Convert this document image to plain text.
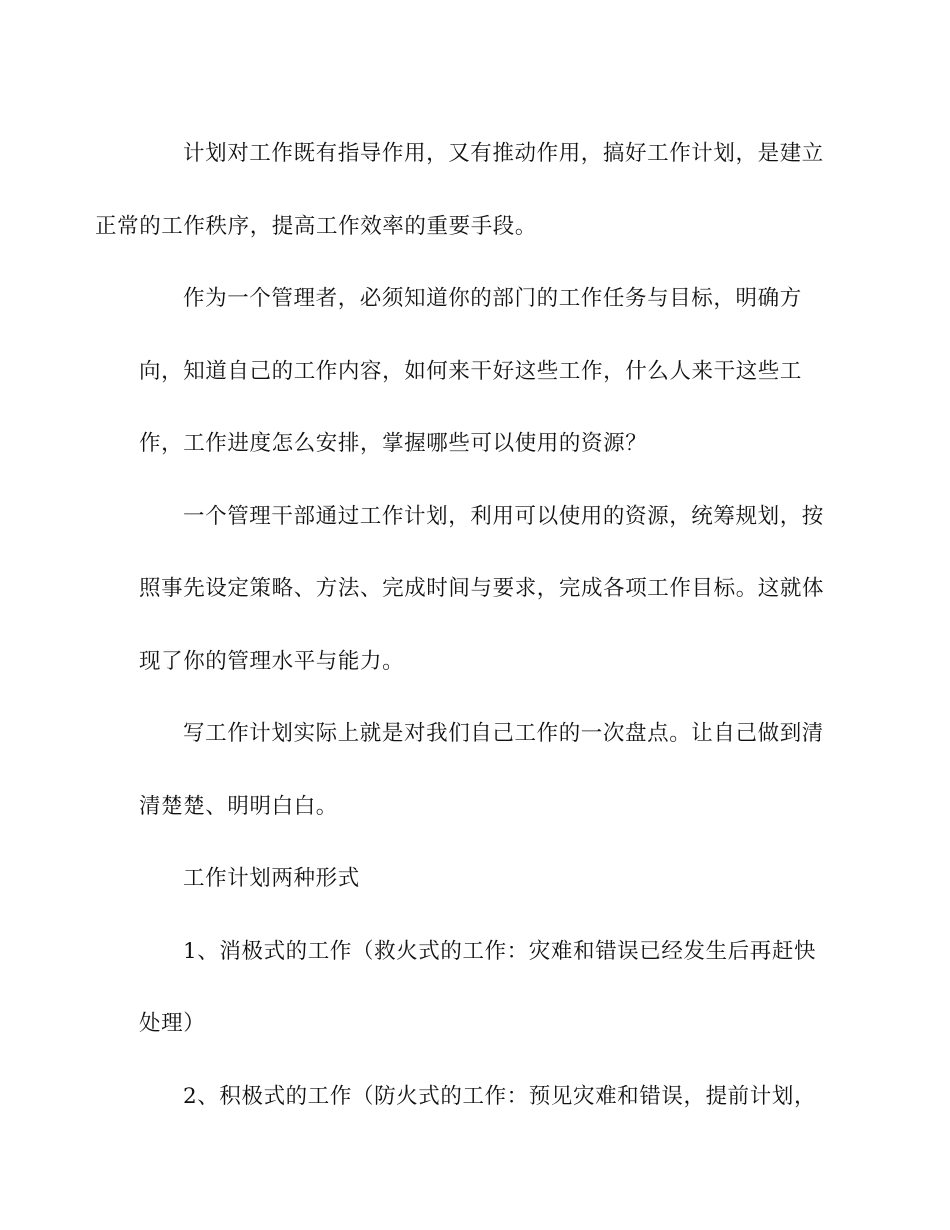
计划对工作既有指导作用，又有推动作用，搞好工作计划，是建立
正常的工作秩序，提高工作效率的重要手段。

作为一个管理者，必须知道你的部门的工作任务与目标，明确方
向，知道自己的工作内容，如何来干好这些工作，什么人来干这些工
作，工作进度怎么安排，掌握哪些可以使用的资源？

一个管理干部通过工作计划，利用可以使用的资源，统筹规划，按
照事先设定策略、方法、完成时间与要求，完成各项工作目标。这就体
现了你的管理水平与能力。

写工作计划实际上就是对我们自己工作的一次盘点。让自己做到清
清楚楚、明明白白。

工作计划两种形式

1、消极式的工作（救火式的工作：灾难和错误已经发生后再赶快
处理）

2、积极式的工作（防火式的工作：预见灾难和错误，提前计划，
